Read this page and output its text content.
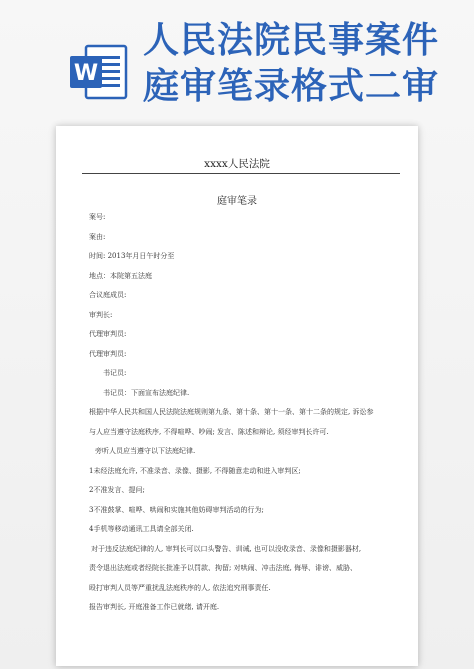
W
人民法院民事案件
庭审笔录格式二审
xxxx人民法院
庭审笔录
案号:
案由:
时间: 2013年月日午时分至
地点：本院第五法庭
合议庭成员:
审判长:
代理审判员:
代理审判员:
书记员:
书记员：下面宣布法庭纪律.
根据中华人民共和国人民法院法庭规则第九条、第十条、第十一条、第十二条的规定, 诉讼参
与人应当遵守法庭秩序, 不得喧哗、吵闹; 发言、陈述和辩论, 须经审判长许可.
旁听人员应当遵守以下法庭纪律.
1未经法庭允许, 不准录音、录像、摄影, 不得随意走动和进入审判区;
2不准发言、提问;
3不准鼓掌、喧哗、哄闹和实施其他妨碍审判活动的行为;
4手机等移动通讯工具请全部关闭.
对于违反法庭纪律的人, 审判长可以口头警告、训诫, 也可以没收录音、录像和摄影器材,
责令退出法庭或者经院长批准予以罚款、拘留; 对哄闹、冲击法庭, 侮辱、诽谤、威胁、
殴打审判人员等严重扰乱法庭秩序的人, 依法追究刑事责任.
报告审判长, 开庭准备工作已就绪, 请开庭.
